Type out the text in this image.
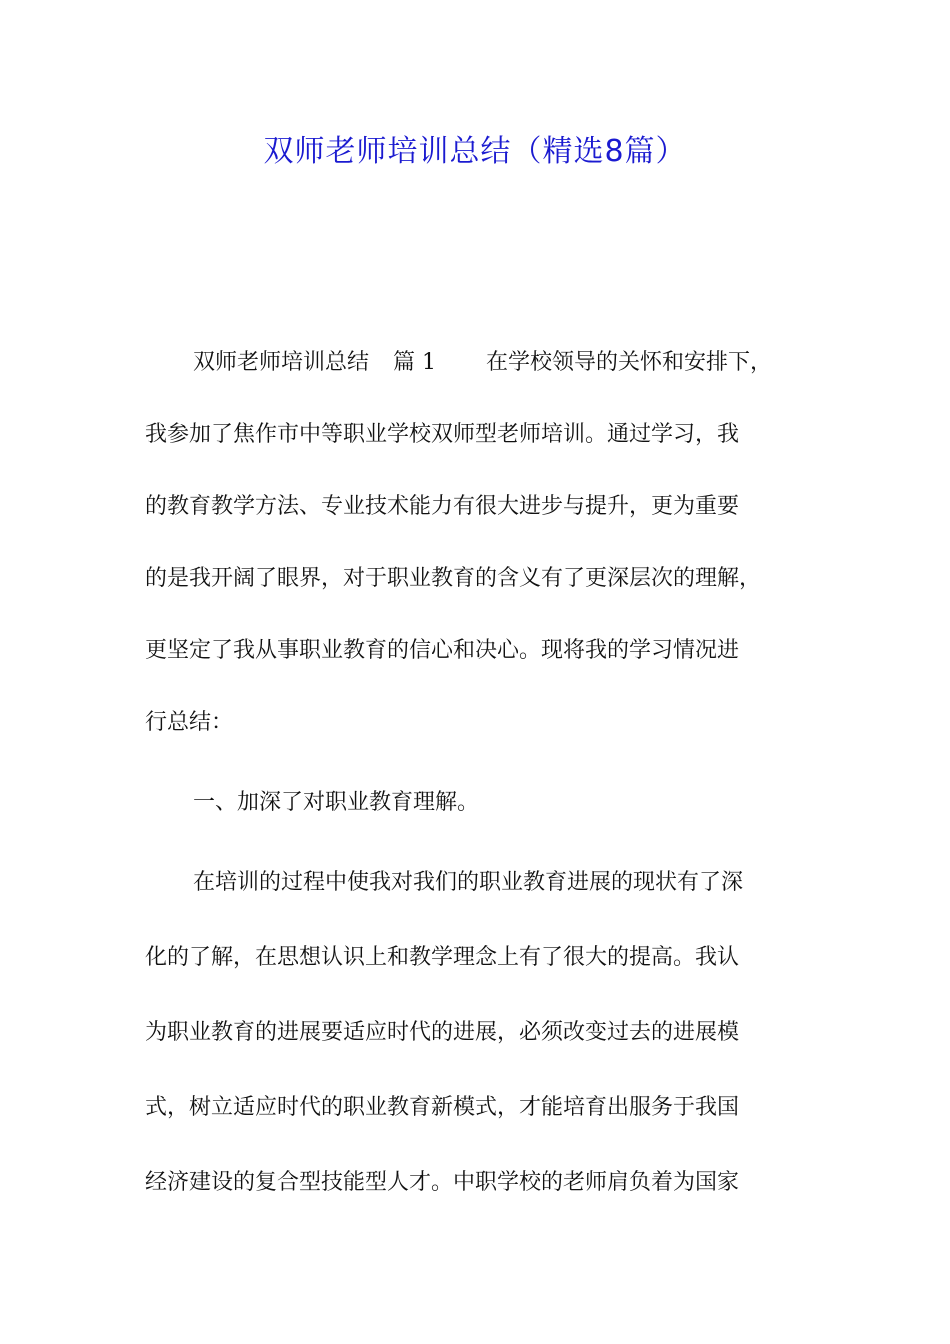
双师老师培训总结（精选8篇）
双师老师培训总结 篇 1 在学校领导的关怀和安排下，
我参加了焦作市中等职业学校双师型老师培训。通过学习，我
的教育教学方法、专业技术能力有很大进步与提升，更为重要
的是我开阔了眼界，对于职业教育的含义有了更深层次的理解，
更坚定了我从事职业教育的信心和决心。现将我的学习情况进
行总结：
一、加深了对职业教育理解。
在培训的过程中使我对我们的职业教育进展的现状有了深
化的了解，在思想认识上和教学理念上有了很大的提高。我认
为职业教育的进展要适应时代的进展，必须改变过去的进展模
式，树立适应时代的职业教育新模式，才能培育出服务于我国
经济建设的复合型技能型人才。中职学校的老师肩负着为国家
